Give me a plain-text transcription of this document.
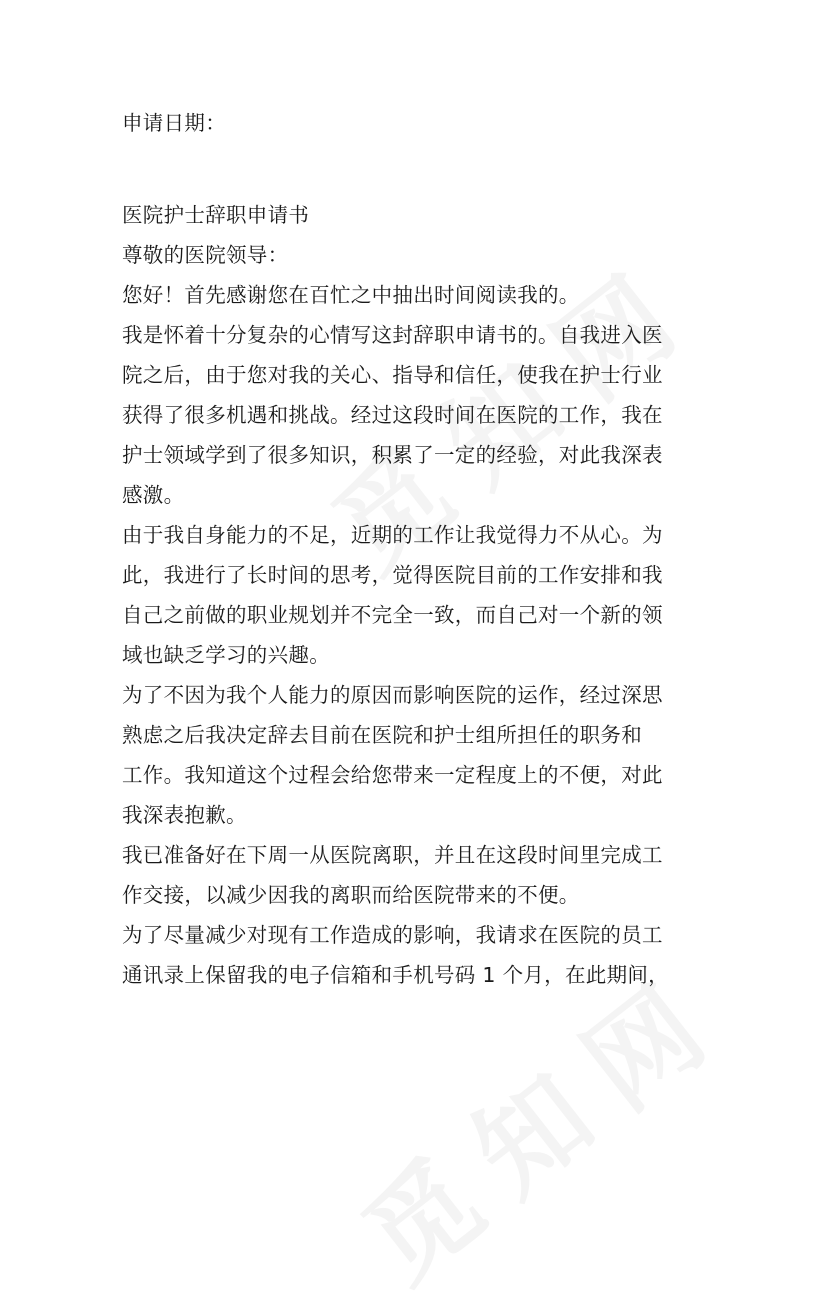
申请日期：
医院护士辞职申请书
尊敬的医院领导：
您好！首先感谢您在百忙之中抽出时间阅读我的。
我是怀着十分复杂的心情写这封辞职申请书的。自我进入医
院之后，由于您对我的关心、指导和信任，使我在护士行业
获得了很多机遇和挑战。经过这段时间在医院的工作，我在
护士领域学到了很多知识，积累了一定的经验，对此我深表
感激。
由于我自身能力的不足，近期的工作让我觉得力不从心。为
此，我进行了长时间的思考，觉得医院目前的工作安排和我
自己之前做的职业规划并不完全一致，而自己对一个新的领
域也缺乏学习的兴趣。
为了不因为我个人能力的原因而影响医院的运作，经过深思
熟虑之后我决定辞去目前在医院和护士组所担任的职务和
工作。我知道这个过程会给您带来一定程度上的不便，对此
我深表抱歉。
我已准备好在下周一从医院离职，并且在这段时间里完成工
作交接，以减少因我的离职而给医院带来的不便。
为了尽量减少对现有工作造成的影响，我请求在医院的员工
通讯录上保留我的电子信箱和手机号码 1 个月，在此期间，
